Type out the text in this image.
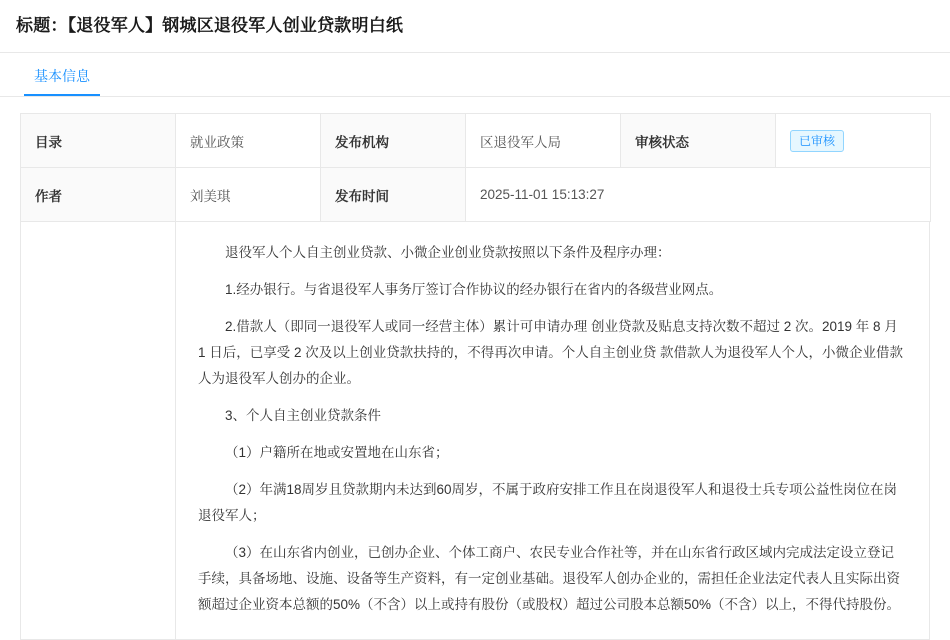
标题：【退役军人】钢城区退役军人创业贷款明白纸
基本信息
目录	就业政策	发布机构	区退役军人局	审核状态	已审核
作者	刘美琪	发布时间	2025-11-01 15:13:27		

退役军人个人自主创业贷款、小微企业创业贷款按照以下条件及程序办理：

1.经办银行。与省退役军人事务厅签订合作协议的经办银行在省内的各级营业网点。

2.借款人（即同一退役军人或同一经营主体）累计可申请办理 创业贷款及贴息支持次数不超过 2 次。2019 年 8 月 1 日后，已享受 2 次及以上创业贷款扶持的，不得再次申请。个人自主创业贷 款借款人为退役军人个人，小微企业借款人为退役军人创办的企业。

3、个人自主创业贷款条件

（1）户籍所在地或安置地在山东省；

（2）年满18周岁且贷款期内未达到60周岁，不属于政府安排工作且在岗退役军人和退役士兵专项公益性岗位在岗退役军人；

（3）在山东省内创业，已创办企业、个体工商户、农民专业合作社等，并在山东省行政区域内完成法定设立登记手续，具备场地、设施、设备等生产资料，有一定创业基础。退役军人创办企业的，需担任企业法定代表人且实际出资额超过企业资本总额的50%（不含）以上或持有股份（或股权）超过公司股本总额50%（不含）以上，不得代持股份。
